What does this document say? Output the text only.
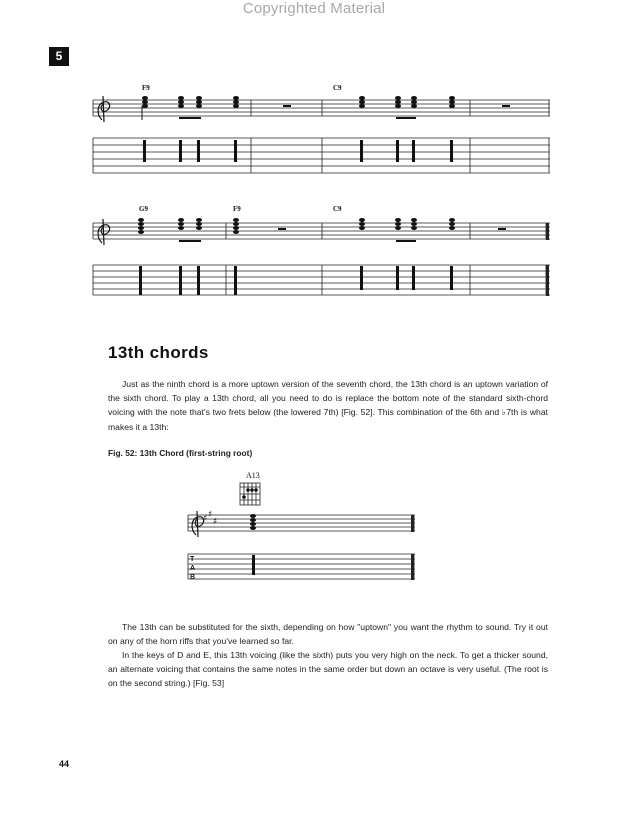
Copyrighted Material
5
♯ ♯
♯
T
A
B
F9	C9
G9	F9	C9
13th chords
Just as the ninth chord is a more uptown version of the seventh chord, the 13th chord is an uptown variation of the sixth chord. To play a 13th chord, all you need to do is replace the bottom note of the standard sixth-chord voicing with the note that's two frets below (the lowered 7th) [Fig. 52]. This combination of the 6th and ♭7th is what makes it a 13th:
Fig. 52: 13th Chord (first-string root)
A13
The 13th can be substituted for the sixth, depending on how "uptown" you want the rhythm to sound. Try it out on any of the horn riffs that you've learned so far.
In the keys of D and E, this 13th voicing (like the sixth) puts you very high on the neck. To get a thicker sound, an alternate voicing that contains the same notes in the same order but down an octave is very useful. (The root is on the second string.) [Fig. 53]
44
